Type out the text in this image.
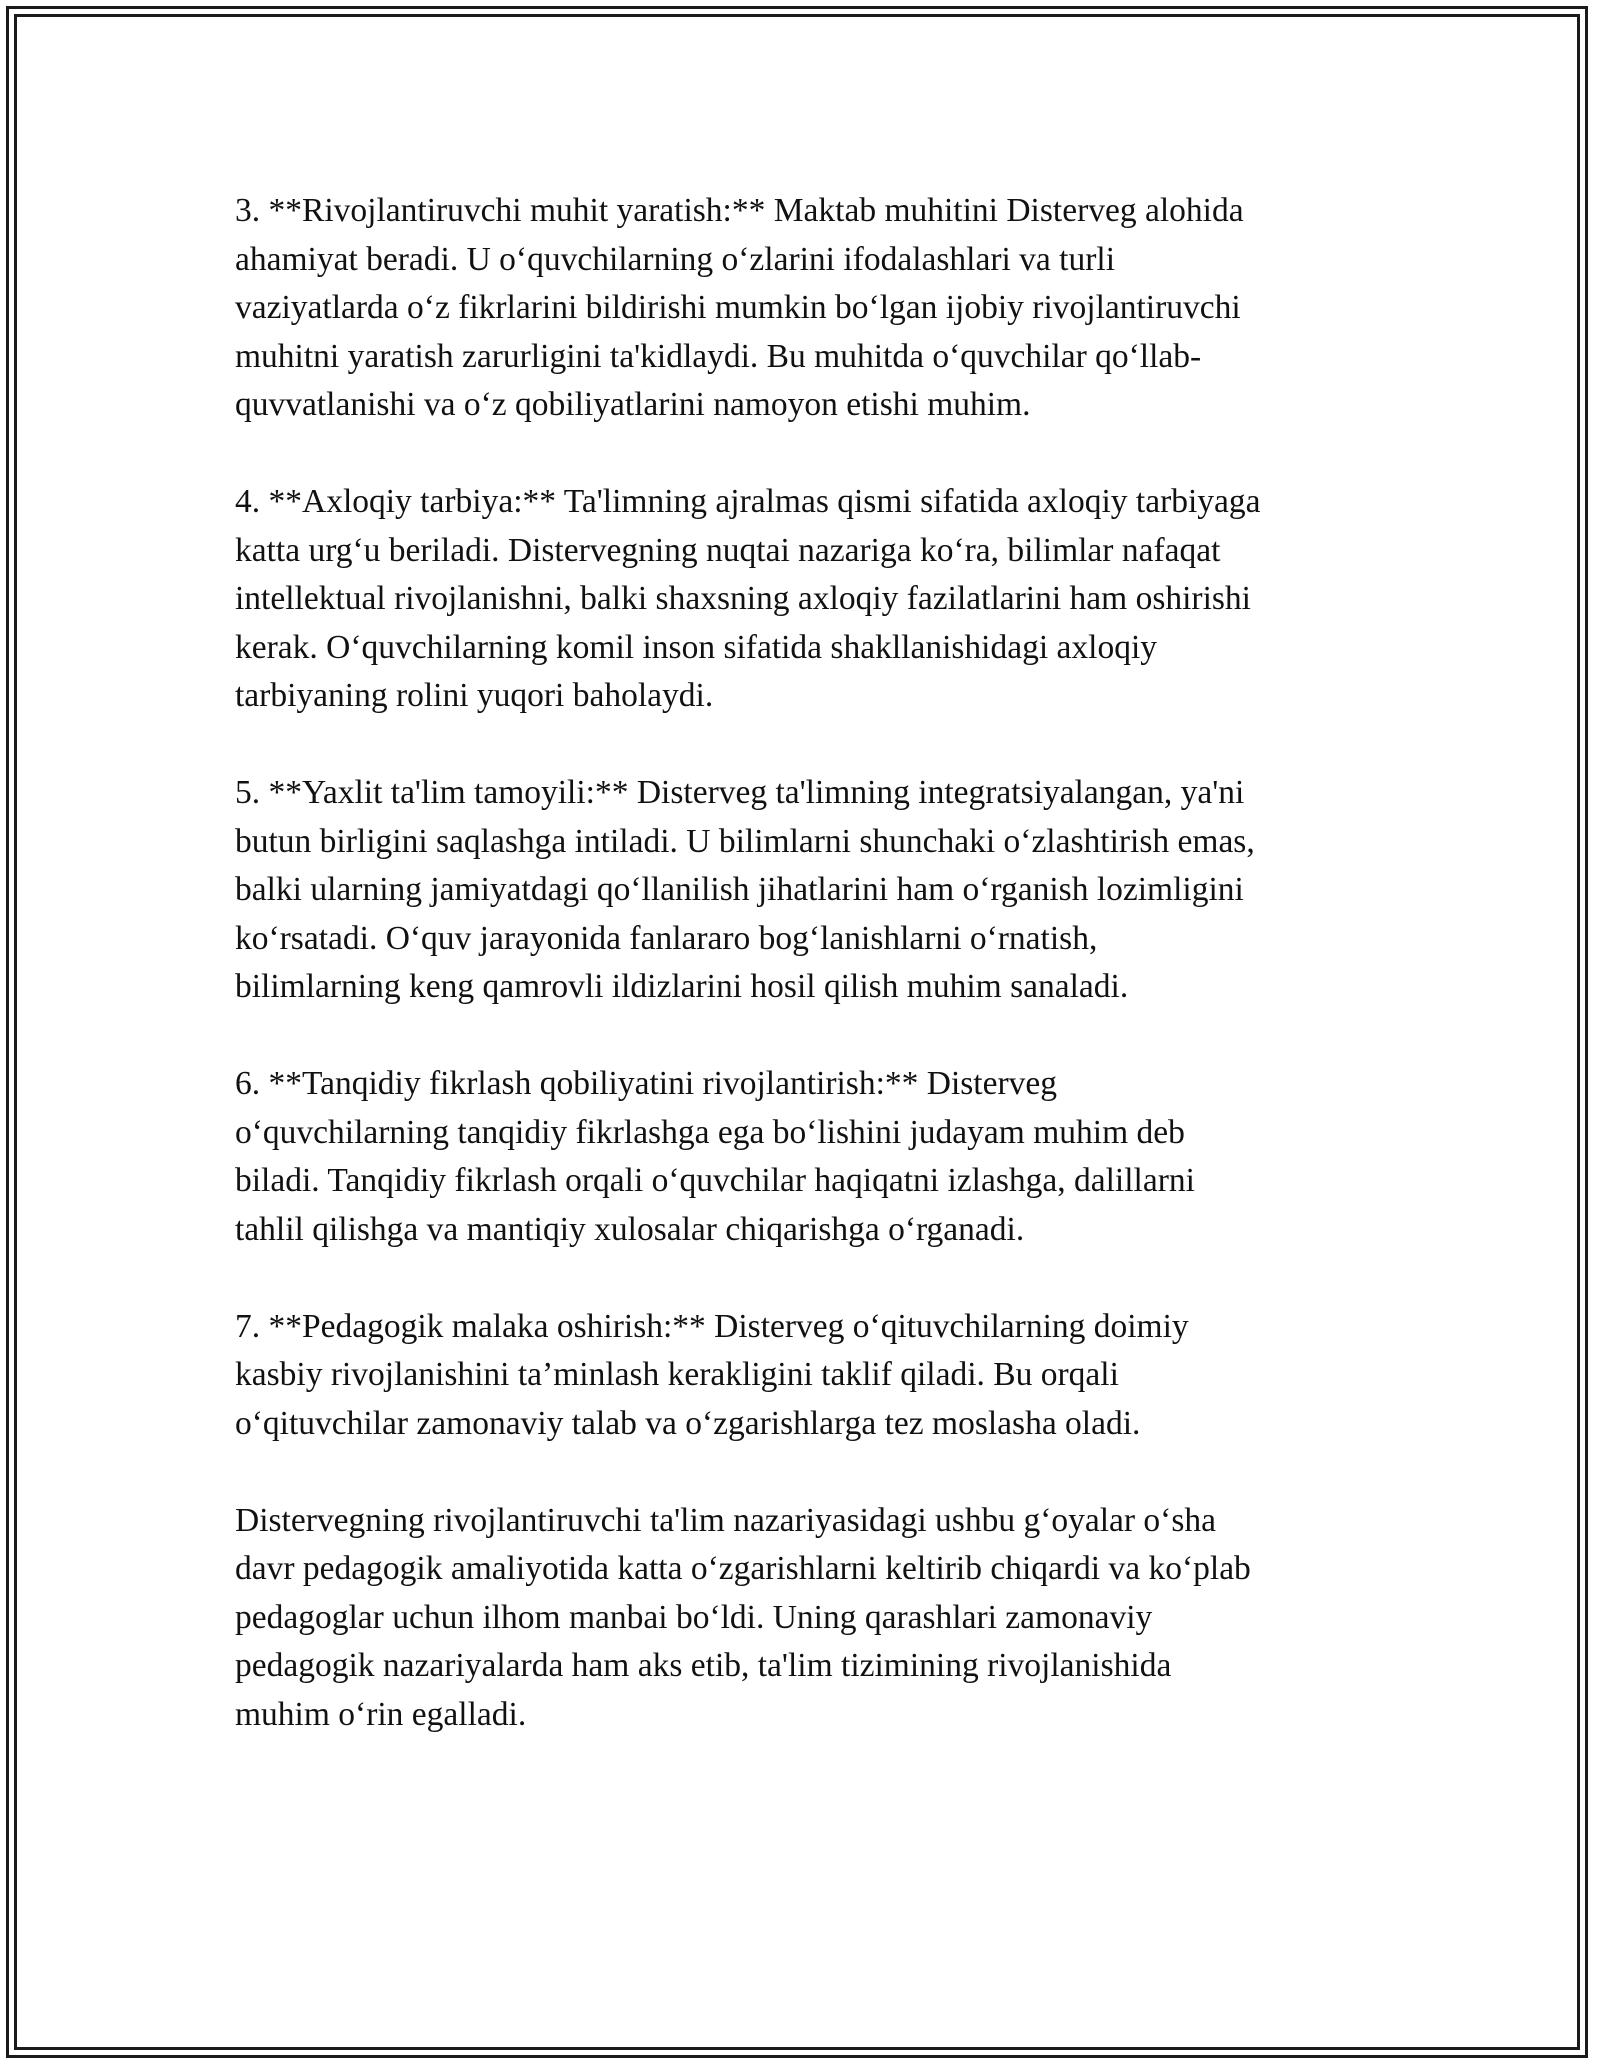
3. **Rivojlantiruvchi muhit yaratish:** Maktab muhitini Disterveg alohida
ahamiyat beradi. U o‘quvchilarning o‘zlarini ifodalashlari va turli
vaziyatlarda o‘z fikrlarini bildirishi mumkin bo‘lgan ijobiy rivojlantiruvchi
muhitni yaratish zarurligini ta'kidlaydi. Bu muhitda o‘quvchilar qo‘llab-
quvvatlanishi va o‘z qobiliyatlarini namoyon etishi muhim.

4. **Axloqiy tarbiya:** Ta'limning ajralmas qismi sifatida axloqiy tarbiyaga
katta urg‘u beriladi. Distervegning nuqtai nazariga ko‘ra, bilimlar nafaqat
intellektual rivojlanishni, balki shaxsning axloqiy fazilatlarini ham oshirishi
kerak. O‘quvchilarning komil inson sifatida shakllanishidagi axloqiy
tarbiyaning rolini yuqori baholaydi.

5. **Yaxlit ta'lim tamoyili:** Disterveg ta'limning integratsiyalangan, ya'ni
butun birligini saqlashga intiladi. U bilimlarni shunchaki o‘zlashtirish emas,
balki ularning jamiyatdagi qo‘llanilish jihatlarini ham o‘rganish lozimligini
ko‘rsatadi. O‘quv jarayonida fanlararo bog‘lanishlarni o‘rnatish,
bilimlarning keng qamrovli ildizlarini hosil qilish muhim sanaladi.

6. **Tanqidiy fikrlash qobiliyatini rivojlantirish:** Disterveg
o‘quvchilarning tanqidiy fikrlashga ega bo‘lishini judayam muhim deb
biladi. Tanqidiy fikrlash orqali o‘quvchilar haqiqatni izlashga, dalillarni
tahlil qilishga va mantiqiy xulosalar chiqarishga o‘rganadi.

7. **Pedagogik malaka oshirish:** Disterveg o‘qituvchilarning doimiy
kasbiy rivojlanishini ta’minlash kerakligini taklif qiladi. Bu orqali
o‘qituvchilar zamonaviy talab va o‘zgarishlarga tez moslasha oladi.

Distervegning rivojlantiruvchi ta'lim nazariyasidagi ushbu g‘oyalar o‘sha
davr pedagogik amaliyotida katta o‘zgarishlarni keltirib chiqardi va ko‘plab
pedagoglar uchun ilhom manbai bo‘ldi. Uning qarashlari zamonaviy
pedagogik nazariyalarda ham aks etib, ta'lim tizimining rivojlanishida
muhim o‘rin egalladi.
